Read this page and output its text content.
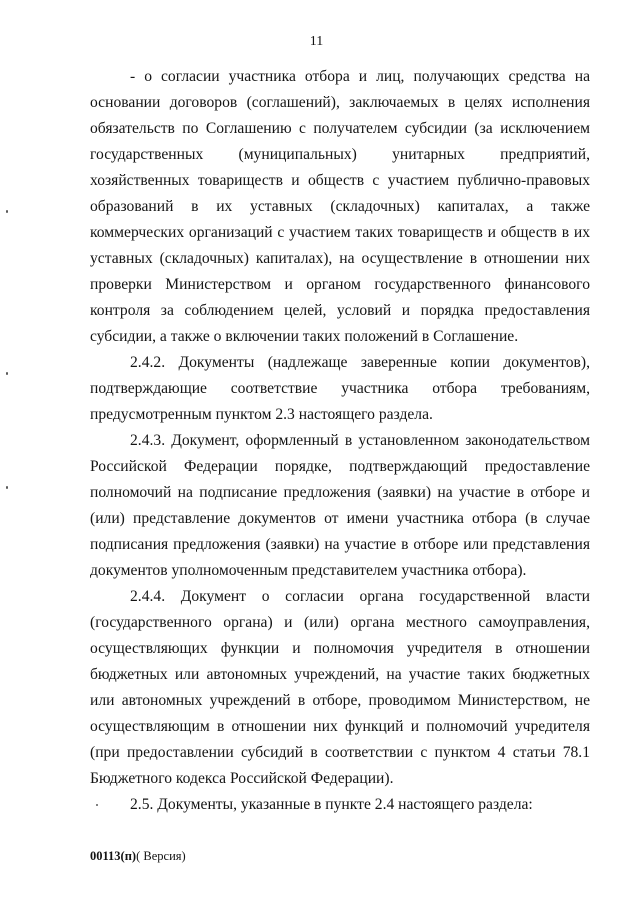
11

- о согласии участника отбора и лиц, получающих средства на основании договоров (соглашений), заключаемых в целях исполнения обязательств по Соглашению с получателем субсидии (за исключением государственных (муниципальных) унитарных предприятий, хозяйственных товариществ и обществ с участием публично-правовых образований в их уставных (складочных) капиталах, а также коммерческих организаций с участием таких товариществ и обществ в их уставных (складочных) капиталах), на осуществление в отношении них проверки Министерством и органом государственного финансового контроля за соблюдением целей, условий и порядка предоставления субсидии, а также о включении таких положений в Соглашение.

2.4.2. Документы (надлежаще заверенные копии документов), подтверждающие соответствие участника отбора требованиям, предусмотренным пунктом 2.3 настоящего раздела.

2.4.3. Документ, оформленный в установленном законодательством Российской Федерации порядке, подтверждающий предоставление полномочий на подписание предложения (заявки) на участие в отборе и (или) представление документов от имени участника отбора (в случае подписания предложения (заявки) на участие в отборе или представления документов уполномоченным представителем участника отбора).

2.4.4. Документ о согласии органа государственной власти (государственного органа) и (или) органа местного самоуправления, осуществляющих функции и полномочия учредителя в отношении бюджетных или автономных учреждений, на участие таких бюджетных или автономных учреждений в отборе, проводимом Министерством, не осуществляющим в отношении них функций и полномочий учредителя (при предоставлении субсидий в соответствии с пунктом 4 статьи 78.1 Бюджетного кодекса Российской Федерации).

2.5. Документы, указанные в пункте 2.4 настоящего раздела:

00113(п)( Версия)
